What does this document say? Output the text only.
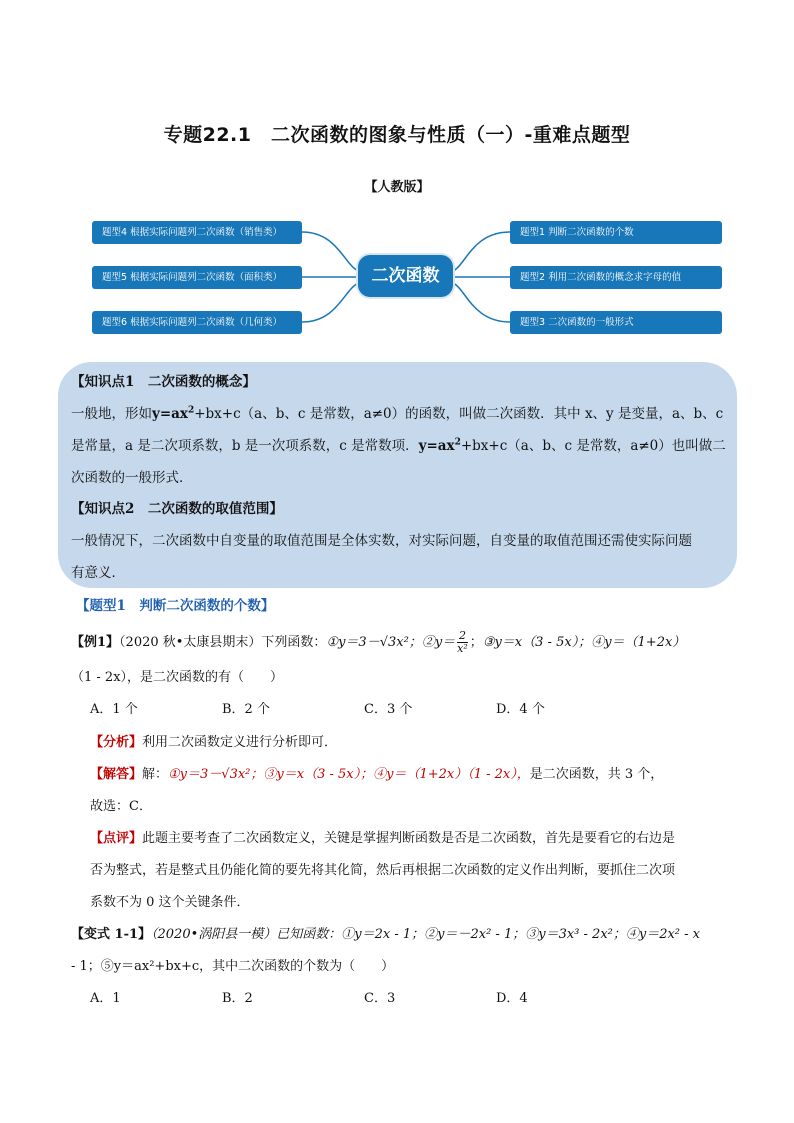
专题22.1　二次函数的图象与性质（一）-重难点题型
【人教版】
题型4 根据实际问题列二次函数（销售类）
题型5 根据实际问题列二次函数（面积类）
题型6 根据实际问题列二次函数（几何类）
二次函数
题型1 判断二次函数的个数
题型2 利用二次函数的概念求字母的值
题型3 二次函数的一般形式
【知识点1　二次函数的概念】
一般地，形如$y=ax^2+bx+c(a$、b、c 是常数，a≠0）的函数，叫做二次函数．其中 x、y 是变量，a、b、c
是常量，a 是二次项系数，b 是一次项系数，c 是常数项．$y=ax^2+bx+c(a$、b、c 是常数，a≠0）也叫做二
次函数的一般形式．
【知识点2　二次函数的取值范围】
一般情况下，二次函数中自变量的取值范围是全体实数，对实际问题，自变量的取值范围还需使实际问题
有意义．
【题型1　判断二次函数的个数】
【例1】（2020 秋•太康县期末）下列函数：①y＝3－√3x²；②y＝ $\frac{2}{\text{x²}}$ ；③y＝x（3 - 5x）；④y＝（1+2x）
（1 - 2x），是二次函数的有（　　）
A．1 个	B．2 个	C．3 个	D．4 个
【分析】利用二次函数定义进行分析即可．
【解答】解：①y＝3－√3x²；③y＝x（3 - 5x）；④y＝（1+2x）（1 - 2x），是二次函数，共 3 个，
故选：C．
【点评】此题主要考查了二次函数定义，关键是掌握判断函数是否是二次函数，首先是要看它的右边是
否为整式，若是整式且仍能化简的要先将其化简，然后再根据二次函数的定义作出判断，要抓住二次项
系数不为 0 这个关键条件．
【变式 1-1】（2020•涡阳县一模）已知函数：①y＝2x - 1；②y＝－2x² - 1；③y＝3x³ - 2x²；④y＝2x² - x
- 1；⑤y＝ax²+bx+c，其中二次函数的个数为（　　）
A．1	B．2	C．3	D．4
